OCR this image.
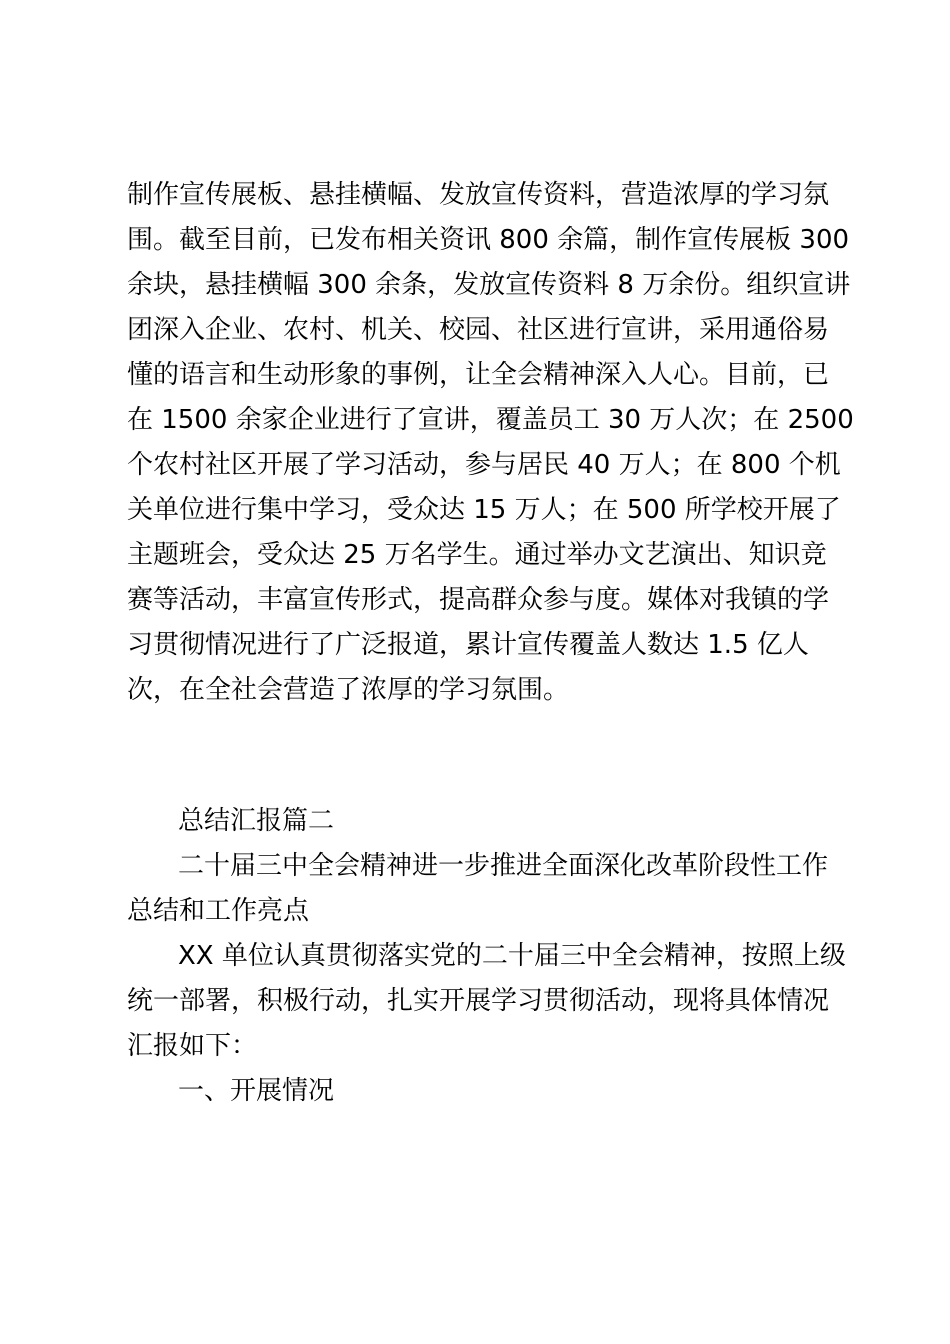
制作宣传展板、悬挂横幅、发放宣传资料，营造浓厚的学习氛
围。截至目前，已发布相关资讯 800 余篇，制作宣传展板 300
余块，悬挂横幅 300 余条，发放宣传资料 8 万余份。组织宣讲
团深入企业、农村、机关、校园、社区进行宣讲，采用通俗易
懂的语言和生动形象的事例，让全会精神深入人心。目前，已
在 1500 余家企业进行了宣讲，覆盖员工 30 万人次；在 2500
个农村社区开展了学习活动，参与居民 40 万人；在 800 个机
关单位进行集中学习，受众达 15 万人；在 500 所学校开展了
主题班会，受众达 25 万名学生。通过举办文艺演出、知识竞
赛等活动，丰富宣传形式，提高群众参与度。媒体对我镇的学
习贯彻情况进行了广泛报道，累计宣传覆盖人数达 1.5 亿人
次，在全社会营造了浓厚的学习氛围。
总结汇报篇二
二十届三中全会精神进一步推进全面深化改革阶段性工作
总结和工作亮点
XX 单位认真贯彻落实党的二十届三中全会精神，按照上级
统一部署，积极行动，扎实开展学习贯彻活动，现将具体情况
汇报如下：
一、开展情况
